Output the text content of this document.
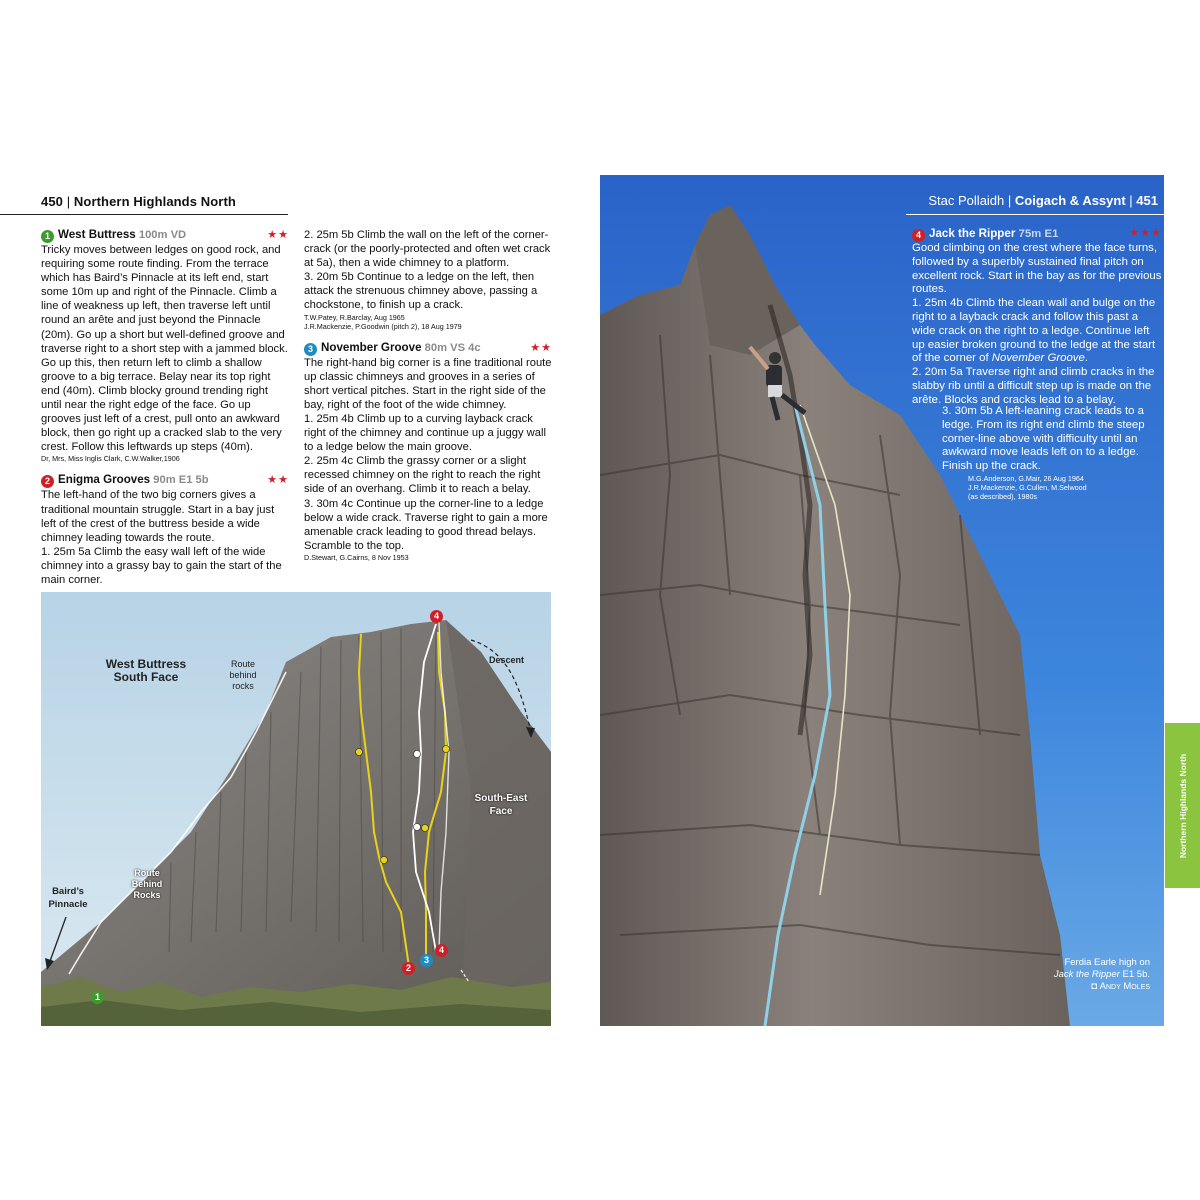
450 | Northern Highlands North

1 West Buttress 100m VD	★★

Tricky moves between ledges on good rock, and requiring some route finding. From the terrace which has Baird’s Pinnacle at its left end, start some 10m up and right of the Pinnacle. Climb a line of weakness up left, then traverse left until round an arête and just beyond the Pinnacle (20m). Go up a short but well-defined groove and traverse right to a short step with a jammed block. Go up this, then return left to climb a shallow groove to a big terrace. Belay near its top right end (40m). Climb blocky ground trending right until near the right edge of the face. Go up grooves just left of a crest, pull onto an awkward block, then go right up a cracked slab to the very crest. Follow this leftwards up steps (40m).

Dr, Mrs, Miss Inglis Clark, C.W.Walker,1906

2 Enigma Grooves 90m E1 5b	★★

The left-hand of the two big corners gives a traditional mountain struggle. Start in a bay just left of the crest of the buttress beside a wide chimney leading towards the route.

1. 25m 5a Climb the easy wall left of the wide chimney into a grassy bay to gain the start of the main corner.

2. 25m 5b Climb the wall on the left of the corner-crack (or the poorly-protected and often wet crack at 5a), then a wide chimney to a platform.

3. 20m 5b Continue to a ledge on the left, then attack the strenuous chimney above, passing a chockstone, to finish up a crack.

T.W.Patey, R.Barclay, Aug 1965

J.R.Mackenzie, P.Goodwin (pitch 2), 18 Aug 1979

3 November Groove 80m VS 4c	★★

The right-hand big corner is a fine traditional route up classic chimneys and grooves in a series of short vertical pitches. Start in the right side of the bay, right of the foot of the wide chimney.

1. 25m 4b Climb up to a curving layback crack right of the chimney and continue up a juggy wall to a ledge below the main groove.

2. 25m 4c Climb the grassy corner or a slight recessed chimney on the right to reach the right side of an overhang. Climb it to reach a belay.

3. 30m 4c Continue up the corner-line to a ledge below a wide crack. Traverse right to gain a more amenable crack leading to good thread belays. Scramble to the top.

D.Stewart, G.Cairns, 8 Nov 1953

West Buttress South Face
Route behind rocks
Descent
South-East Face
Route Behind Rocks
Baird’s Pinnacle
1
2
3
4
4
Stac Pollaidh | Coigach & Assynt | 451

4 Jack the Ripper 75m E1	★★★

Good climbing on the crest where the face turns, followed by a superbly sustained final pitch on excellent rock. Start in the bay as for the previous routes.

1. 25m 4b Climb the clean wall and bulge on the right to a layback crack and follow this past a wide crack on the right to a ledge. Continue left up easier broken ground to the ledge at the start of the corner of November Groove.

2. 20m 5a Traverse right and climb cracks in the slabby rib until a difficult step up is made on the arête. Blocks and cracks lead to a belay.

3. 30m 5b A left-leaning crack leads to a ledge. From its right end climb the steep corner-line above with difficulty until an awkward move leads left on to a ledge. Finish up the crack.

M.G.Anderson, G.Mair, 26 Aug 1964

J.R.Mackenzie, G.Cullen, M.Selwood

(as described), 1980s

Ferdia Earle high on

Jack the Ripper E1 5b.

◘ Andy Moles

Northern Highlands North
